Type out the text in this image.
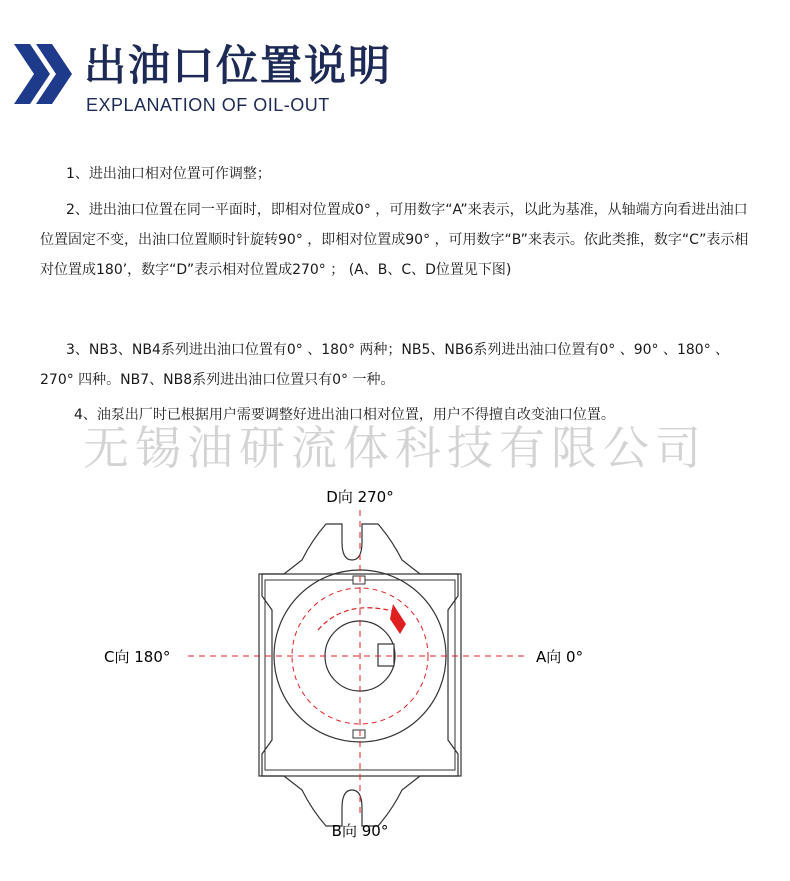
出油口位置说明
EXPLANATION OF OIL-OUT

1、进出油口相对位置可作调整；

2、进出油口位置在同一平面时，即相对位置成0° ，可用数字“A”来表示，以此为基准，从轴端方向看进出油口位置固定不变，出油口位置顺时针旋转90° ，即相对位置成90° ，可用数字“B”来表示。依此类推，数字“C”表示相对位置成180’，数字“D”表示相对位置成270° ； (A、B、C、D位置见下图)

3、NB3、NB4系列进出油口位置有0° 、180° 两种；NB5、NB6系列进出油口位置有0° 、90° 、180° 、270° 四种。NB7、NB8系列进出油口位置只有0° 一种。

4、油泵出厂时已根据用户需要调整好进出油口相对位置，用户不得擅自改变油口位置。

无锡油研流体科技有限公司
D向 270°
C向 180°	A向 0°
B向 90°
